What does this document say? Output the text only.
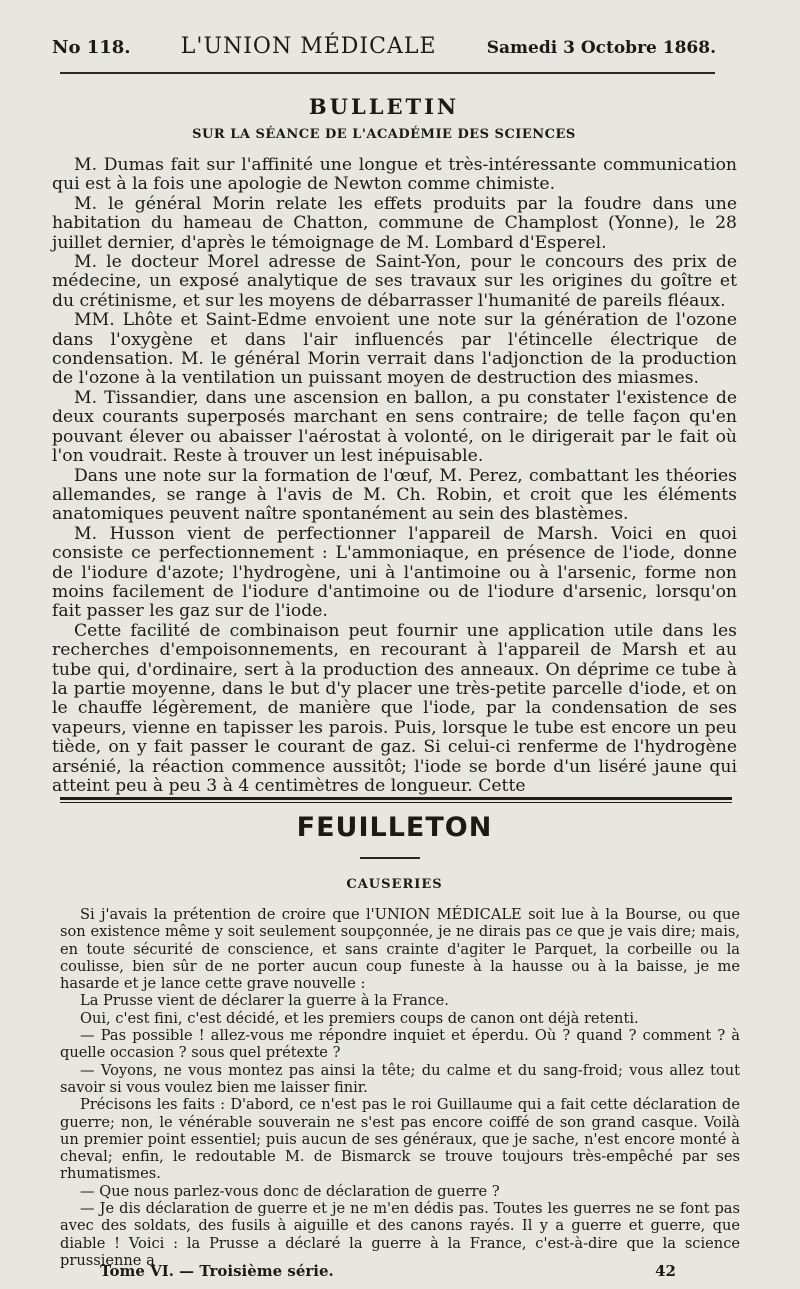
No 118. L'UNION MÉDICALE	Samedi 3 Octobre 1868.
BULLETIN
SUR LA SÉANCE DE L'ACADÉMIE DES SCIENCES

M. Dumas fait sur l'affinité une longue et très-intéressante communication qui est à la fois une apologie de Newton comme chimiste.

M. le général Morin relate les effets produits par la foudre dans une habitation du hameau de Chatton, commune de Champlost (Yonne), le 28 juillet dernier, d'après le témoignage de M. Lombard d'Esperel.

M. le docteur Morel adresse de Saint-Yon, pour le concours des prix de médecine, un exposé analytique de ses travaux sur les origines du goître et du crétinisme, et sur les moyens de débarrasser l'humanité de pareils fléaux.

MM. Lhôte et Saint-Edme envoient une note sur la génération de l'ozone dans l'oxygène et dans l'air influencés par l'étincelle électrique de condensation. M. le général Morin verrait dans l'adjonction de la production de l'ozone à la ventilation un puissant moyen de destruction des miasmes.

M. Tissandier, dans une ascension en ballon, a pu constater l'existence de deux courants superposés marchant en sens contraire; de telle façon qu'en pouvant élever ou abaisser l'aérostat à volonté, on le dirigerait par le fait où l'on voudrait. Reste à trouver un lest inépuisable.

Dans une note sur la formation de l'œuf, M. Perez, combattant les théories allemandes, se range à l'avis de M. Ch. Robin, et croit que les éléments anatomiques peuvent naître spontanément au sein des blastèmes.

M. Husson vient de perfectionner l'appareil de Marsh. Voici en quoi consiste ce perfectionnement : L'ammoniaque, en présence de l'iode, donne de l'iodure d'azote; l'hydrogène, uni à l'antimoine ou à l'arsenic, forme non moins facilement de l'iodure d'antimoine ou de l'iodure d'arsenic, lorsqu'on fait passer les gaz sur de l'iode.

Cette facilité de combinaison peut fournir une application utile dans les recherches d'empoisonnements, en recourant à l'appareil de Marsh et au tube qui, d'ordinaire, sert à la production des anneaux. On déprime ce tube à la partie moyenne, dans le but d'y placer une très-petite parcelle d'iode, et on le chauffe légèrement, de manière que l'iode, par la condensation de ses vapeurs, vienne en tapisser les parois. Puis, lorsque le tube est encore un peu tiède, on y fait passer le courant de gaz. Si celui-ci renferme de l'hydrogène arsénié, la réaction commence aussitôt; l'iode se borde d'un liséré jaune qui atteint peu à peu 3 à 4 centimètres de longueur. Cette

FEUILLETON
CAUSERIES

Si j'avais la prétention de croire que l'UNION MÉDICALE soit lue à la Bourse, ou que son existence même y soit seulement soupçonnée, je ne dirais pas ce que je vais dire; mais, en toute sécurité de conscience, et sans crainte d'agiter le Parquet, la corbeille ou la coulisse, bien sûr de ne porter aucun coup funeste à la hausse ou à la baisse, je me hasarde et je lance cette grave nouvelle :

La Prusse vient de déclarer la guerre à la France.

Oui, c'est fini, c'est décidé, et les premiers coups de canon ont déjà retenti.

— Pas possible ! allez-vous me répondre inquiet et éperdu. Où ? quand ? comment ? à quelle occasion ? sous quel prétexte ?

— Voyons, ne vous montez pas ainsi la tête; du calme et du sang-froid; vous allez tout savoir si vous voulez bien me laisser finir.

Précisons les faits : D'abord, ce n'est pas le roi Guillaume qui a fait cette déclaration de guerre; non, le vénérable souverain ne s'est pas encore coiffé de son grand casque. Voilà un premier point essentiel; puis aucun de ses généraux, que je sache, n'est encore monté à cheval; enfin, le redoutable M. de Bismarck se trouve toujours très-empêché par ses rhumatismes.

— Que nous parlez-vous donc de déclaration de guerre ?

— Je dis déclaration de guerre et je ne m'en dédis pas. Toutes les guerres ne se font pas avec des soldats, des fusils à aiguille et des canons rayés. Il y a guerre et guerre, que diable ! Voici : la Prusse a déclaré la guerre à la France, c'est-à-dire que la science prussienne a

Tome VI. — Troisième série.	42
